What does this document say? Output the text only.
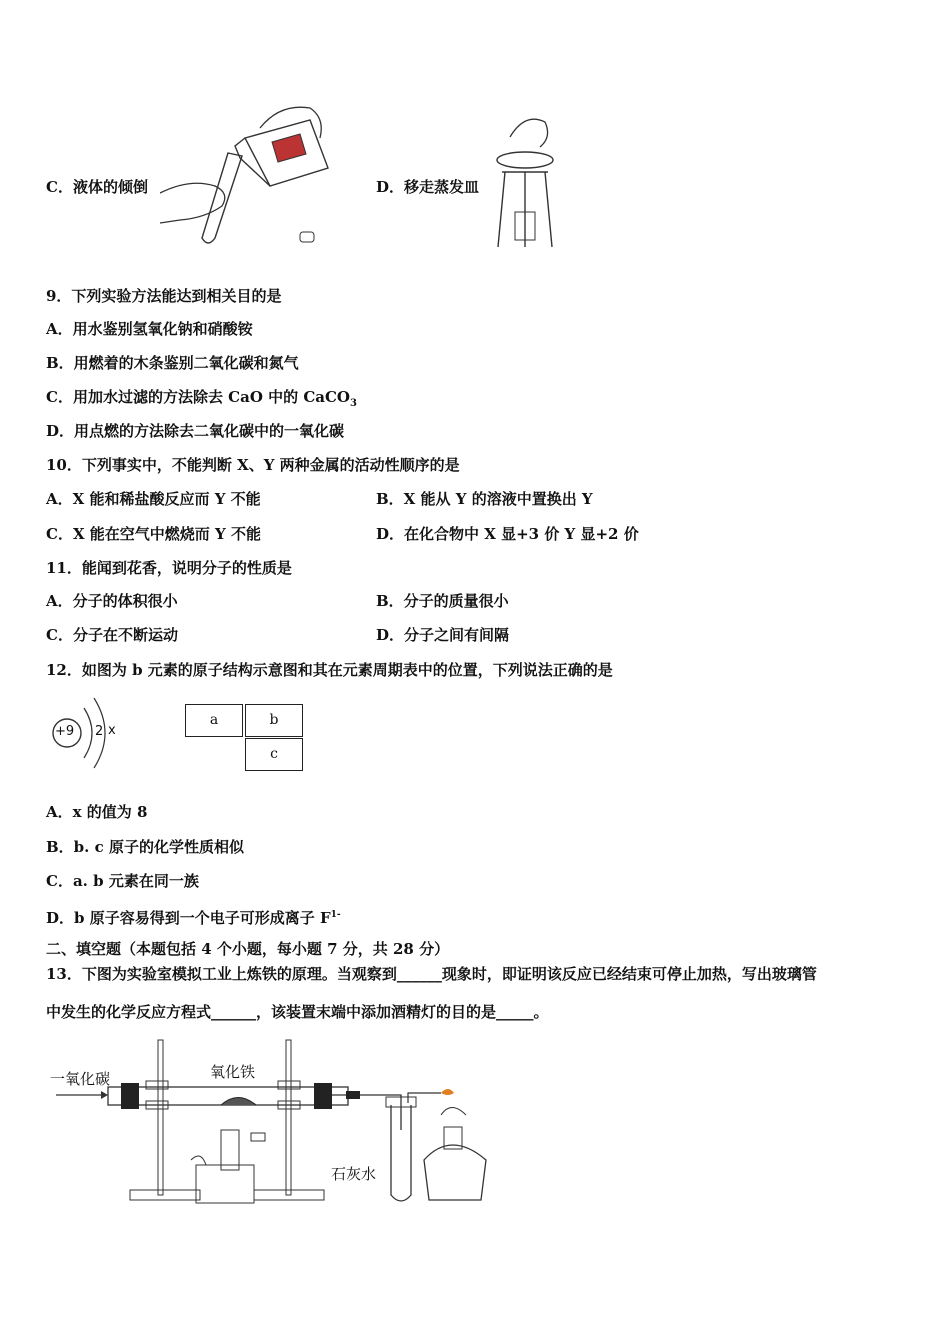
C．液体的倾倒	D．移走蒸发皿
9．下列实验方法能达到相关目的是
A．用水鉴别氢氧化钠和硝酸铵
B．用燃着的木条鉴别二氧化碳和氮气
C．用加水过滤的方法除去 CaO 中的 CaCO$_3$
D．用点燃的方法除去二氧化碳中的一氧化碳
10．下列事实中，不能判断 X、Y 两种金属的活动性顺序的是
A．X 能和稀盐酸反应而 Y 不能	B．X 能从 Y 的溶液中置换出 Y
C．X 能在空气中燃烧而 Y 不能	D．在化合物中 X 显+3 价 Y 显+2 价
11．能闻到花香，说明分子的性质是
A．分子的体积很小	B．分子的质量很小
C．分子在不断运动	D．分子之间有间隔
12．如图为 b 元素的原子结构示意图和其在元素周期表中的位置，下列说法正确的是
+9 2 x
a	b
c
A．x 的值为 8
B．b. c 原子的化学性质相似
C．a. b 元素在同一族
D．b 原子容易得到一个电子可形成离子 $F^{1-}$
二、填空题（本题包括 4 个小题，每小题 7 分，共 28 分）
13．下图为实验室模拟工业上炼铁的原理。当观察到______现象时，即证明该反应已经结束可停止加热，写出玻璃管
中发生的化学反应方程式______，该装置末端中添加酒精灯的目的是_____。
一氧化碳	氧化铁
石灰水
